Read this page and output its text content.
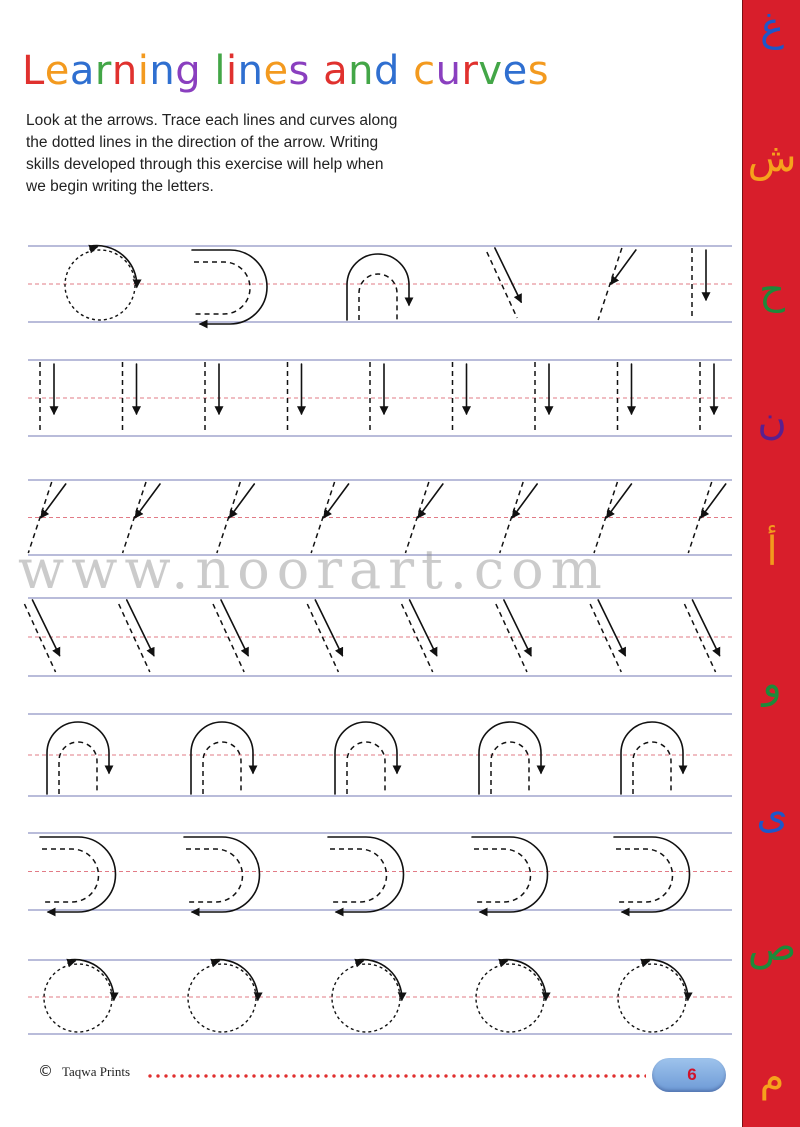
Learning lines and curves

Look at the arrows. Trace each lines and curves along the dotted lines in the direction of the arrow. Writing skills developed through this exercise will help when we begin writing the letters.

www.noorart.com
غ
ش
ح
ن
أ
و
ى
ص
م
© Taqwa Prints	6
